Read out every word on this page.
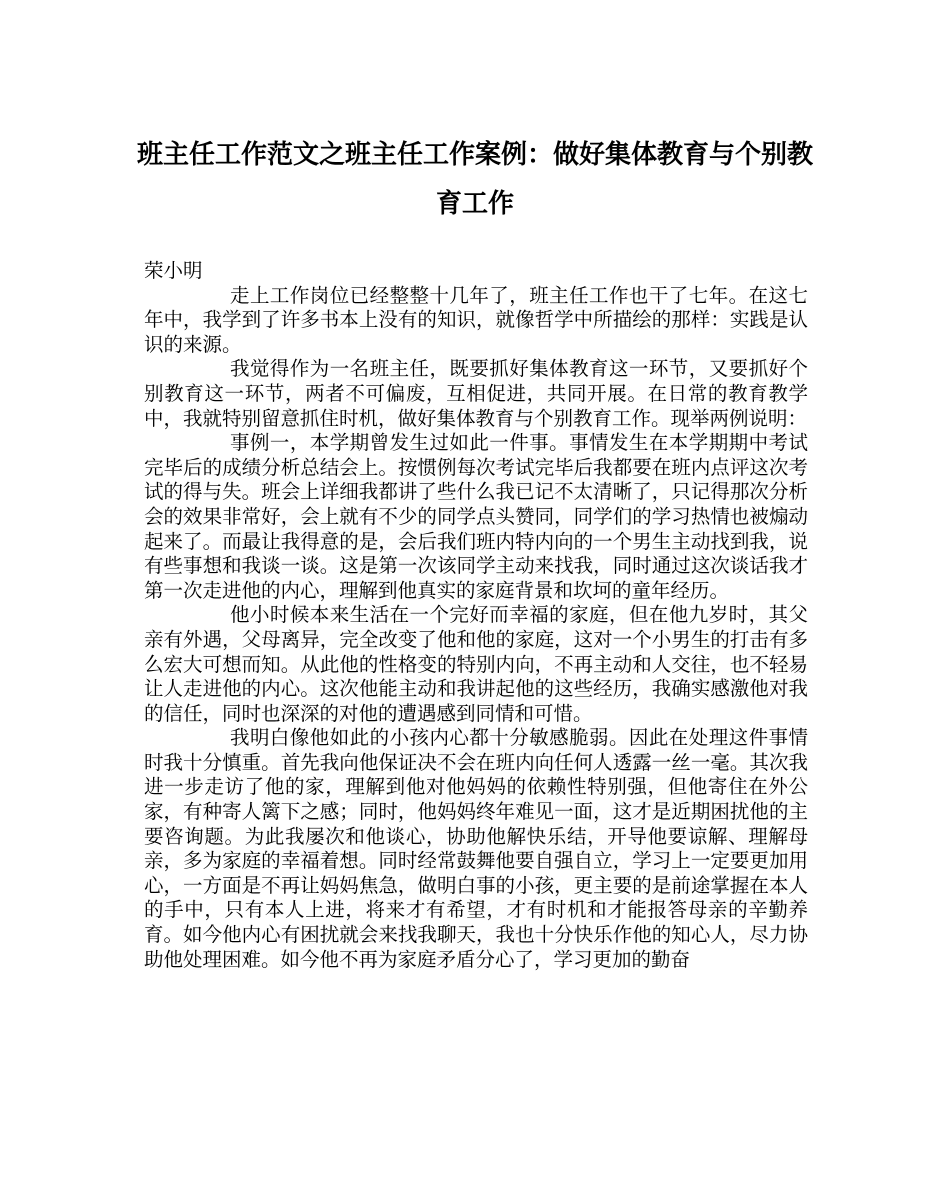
班主任工作范文之班主任工作案例：做好集体教育与个别教育工作

荣小明

走上工作岗位已经整整十几年了，班主任工作也干了七年。在这七年中，我学到了许多书本上没有的知识，就像哲学中所描绘的那样：实践是认识的来源。

我觉得作为一名班主任，既要抓好集体教育这一环节，又要抓好个别教育这一环节，两者不可偏废，互相促进，共同开展。在日常的教育教学中，我就特别留意抓住时机，做好集体教育与个别教育工作。现举两例说明：

事例一，本学期曾发生过如此一件事。事情发生在本学期期中考试完毕后的成绩分析总结会上。按惯例每次考试完毕后我都要在班内点评这次考试的得与失。班会上详细我都讲了些什么我已记不太清晰了，只记得那次分析会的效果非常好，会上就有不少的同学点头赞同，同学们的学习热情也被煽动起来了。而最让我得意的是，会后我们班内特内向的一个男生主动找到我，说有些事想和我谈一谈。这是第一次该同学主动来找我，同时通过这次谈话我才第一次走进他的内心，理解到他真实的家庭背景和坎坷的童年经历。

他小时候本来生活在一个完好而幸福的家庭，但在他九岁时，其父亲有外遇，父母离异，完全改变了他和他的家庭，这对一个小男生的打击有多么宏大可想而知。从此他的性格变的特别内向，不再主动和人交往，也不轻易让人走进他的内心。这次他能主动和我讲起他的这些经历，我确实感激他对我的信任，同时也深深的对他的遭遇感到同情和可惜。

我明白像他如此的小孩内心都十分敏感脆弱。因此在处理这件事情时我十分慎重。首先我向他保证决不会在班内向任何人透露一丝一毫。其次我进一步走访了他的家，理解到他对他妈妈的依赖性特别强，但他寄住在外公家，有种寄人篱下之感；同时，他妈妈终年难见一面，这才是近期困扰他的主要咨询题。为此我屡次和他谈心，协助他解快乐结，开导他要谅解、理解母亲，多为家庭的幸福着想。同时经常鼓舞他要自强自立，学习上一定要更加用心，一方面是不再让妈妈焦急，做明白事的小孩，更主要的是前途掌握在本人的手中，只有本人上进，将来才有希望，才有时机和才能报答母亲的辛勤养育。如今他内心有困扰就会来找我聊天，我也十分快乐作他的知心人，尽力协助他处理困难。如今他不再为家庭矛盾分心了，学习更加的勤奋
